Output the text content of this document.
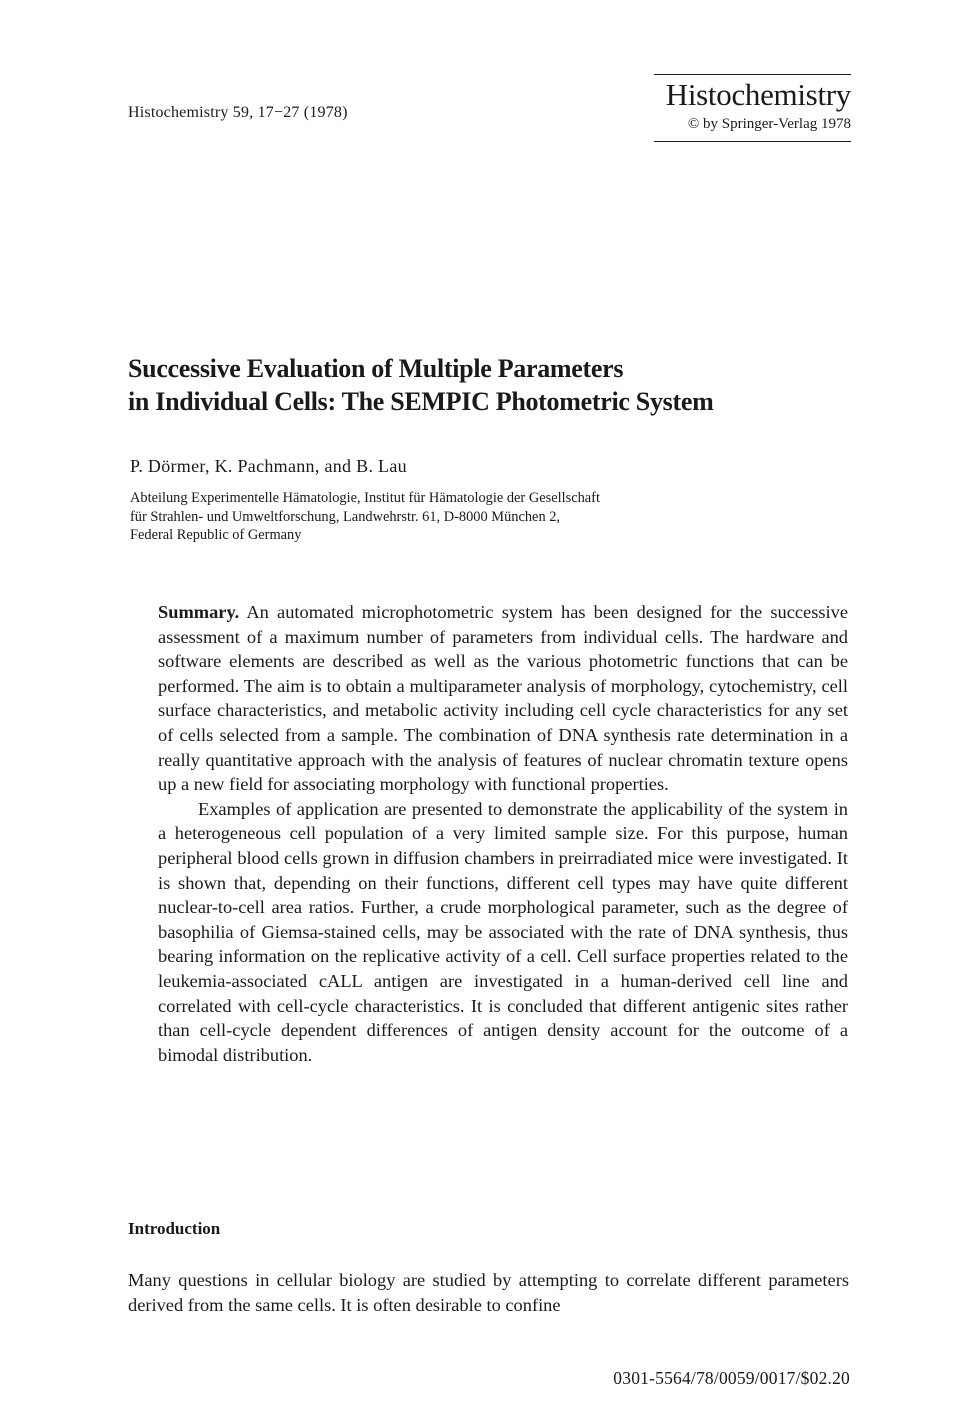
Histochemistry 59, 17−27 (1978)
Histochemistry
© by Springer-Verlag 1978
Successive Evaluation of Multiple Parameters
in Individual Cells: The SEMPIC Photometric System
P. Dörmer, K. Pachmann, and B. Lau
Abteilung Experimentelle Hämatologie, Institut für Hämatologie der Gesellschaft
für Strahlen- und Umweltforschung, Landwehrstr. 61, D-8000 München 2,
Federal Republic of Germany

Summary. An automated microphotometric system has been designed for the successive assessment of a maximum number of parameters from individual cells. The hardware and software elements are described as well as the various photometric functions that can be performed. The aim is to obtain a multiparameter analysis of morphology, cytochemistry, cell surface characteristics, and metabolic activity including cell cycle characteristics for any set of cells selected from a sample. The combination of DNA synthesis rate determination in a really quantitative approach with the analysis of features of nuclear chromatin texture opens up a new field for associating morphology with functional properties.

Examples of application are presented to demonstrate the applicability of the system in a heterogeneous cell population of a very limited sample size. For this purpose, human peripheral blood cells grown in diffusion chambers in preirradiated mice were investigated. It is shown that, depending on their functions, different cell types may have quite different nuclear-to-cell area ratios. Further, a crude morphological parameter, such as the degree of basophilia of Giemsa-stained cells, may be associated with the rate of DNA synthesis, thus bearing information on the replicative activity of a cell. Cell surface properties related to the leukemia-associated cALL antigen are investigated in a human-derived cell line and correlated with cell-cycle characteristics. It is concluded that different antigenic sites rather than cell-cycle dependent differences of antigen density account for the outcome of a bimodal distribution.

Introduction
Many questions in cellular biology are studied by attempting to correlate different parameters derived from the same cells. It is often desirable to confine
0301-5564/78/0059/0017/$02.20
